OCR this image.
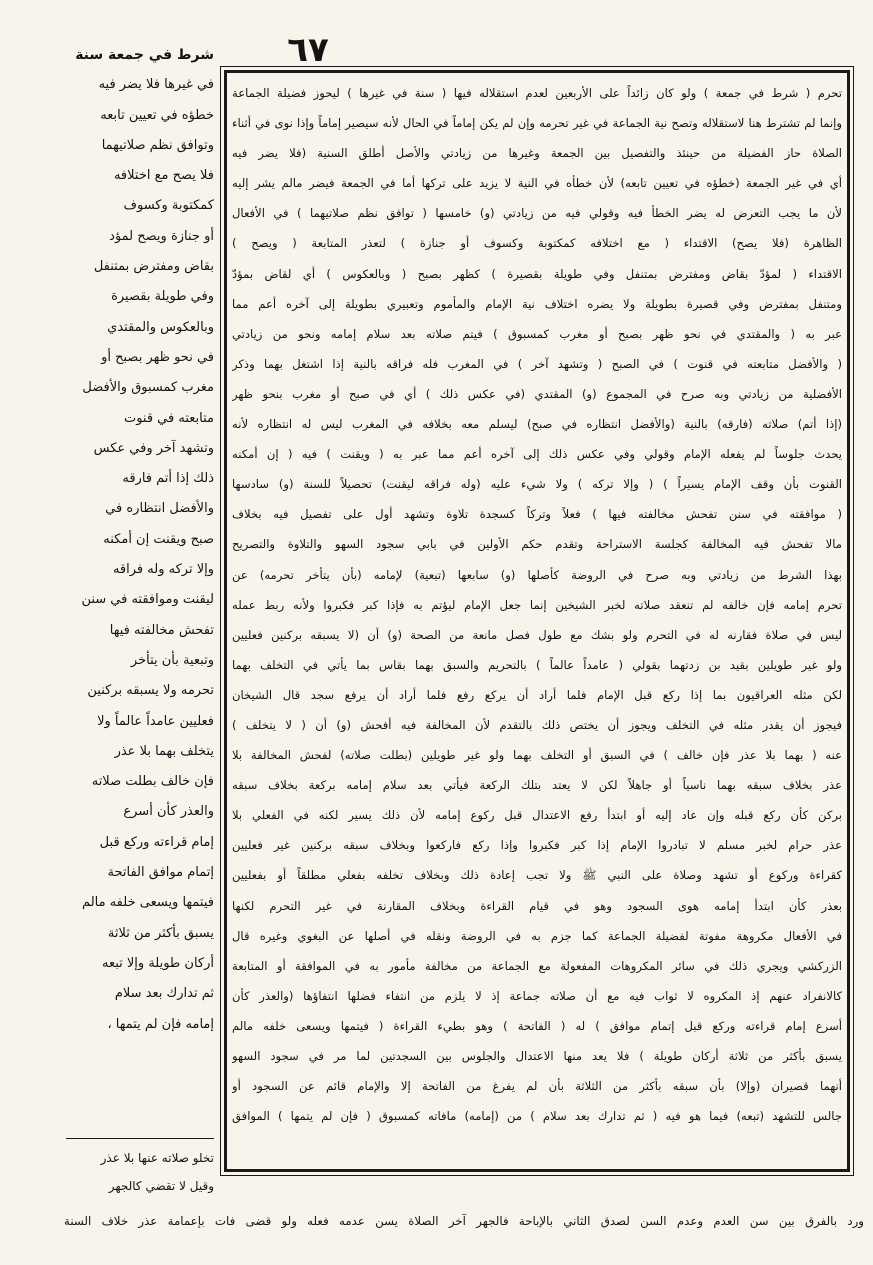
٦٧
تحرم ( شرط في جمعة ) ولو كان زائداً على الأربعين لعدم استقلاله فيها ( سنة في غيرها ) ليحوز فضيلة الجماعة
وإنما لم تشترط هنا لاستقلاله وتصح نية الجماعة في غير تحرمه وإن لم يكن إماماً في الحال لأنه سيصير إماماً وإذا نوى في أثناء
الصلاة حاز الفضيلة من حينئذ والتفصيل بين الجمعة وغيرها من زيادتي والأصل أطلق السنية (فلا يضر فيه
أي في غير الجمعة (خطؤه في تعيين تابعه) لأن خطأه في النية لا يزيد على تركها أما في الجمعة فيضر مالم يشر إليه
لأن ما يجب التعرض له يضر الخطأ فيه وقولي فيه من زيادتي (و) خامسها ( توافق نظم صلاتيهما ) في الأفعال
الظاهرة (فلا يصح) الاقتداء ( مع اختلافه كمكتوبة وكسوف أو جنازة ) لتعذر المتابعة ( ويصح )
الاقتداء ( لمؤدّ بقاض ومفترض بمتنفل وفي طويلة بقصيرة ) كظهر بصبح ( وبالعكوس ) أي لقاض بمؤدّ
ومتنفل بمفترض وفي قصيرة بطويلة ولا يضره اختلاف نية الإمام والمأموم وتعبيري بطويلة إلى آخره أعم مما
عبر به ( والمقتدي في نحو ظهر بصبح أو مغرب كمسبوق ) فيتم صلاته بعد سلام إمامه ونحو من زيادتي
( والأفضل متابعته في قنوت ) في الصبح ( وتشهد آخر ) في المغرب فله فراقه بالنية إذا اشتغل بهما وذكر
الأفضلية من زيادتي وبه صرح في المجموع (و) المقتدي (في عكس ذلك ) أي في صبح أو مغرب بنحو ظهر
(إذا أتم) صلاته (فارقه) بالنية (والأفضل انتظاره في صبح) ليسلم معه بخلافه في المغرب ليس له انتظاره لأنه
يحدث جلوساً لم يفعله الإمام وقولي وفي عكس ذلك إلى آخره أعم مما عبر به ( ويقنت ) فيه ( إن أمكنه
القنوت بأن وقف الإمام يسيراً ) ( وإلا تركه ) ولا شيء عليه (وله فراقه ليقنت) تحصيلاً للسنة (و) سادسها
( موافقته في سنن تفحش مخالفته فيها ) فعلاً وتركاً كسجدة تلاوة وتشهد أول على تفصيل فيه بخلاف
مالا تفحش فيه المخالفة كجلسة الاستراحة وتقدم حكم الأولين في بابي سجود السهو والتلاوة والتصريح
بهذا الشرط من زيادتي وبه صرح في الروضة كأصلها (و) سابعها (تبعية) لإمامه (بأن يتأخر تحرمه) عن
تحرم إمامه فإن خالفه لم تنعقد صلاته لخبر الشيخين إنما جعل الإمام ليؤتم به فإذا كبر فكبروا ولأنه ربط عمله
ليس في صلاة فقارنه له في التحرم ولو بشك مع طول فصل مانعة من الصحة (و) أن (لا يسبقه بركنين فعليين
ولو غير طويلين بقيد بن زدتهما بقولي ( عامداً عالماً ) بالتحريم والسبق بهما بقاس بما يأتي في التخلف بهما
لكن مثله العراقيون بما إذا ركع قبل الإمام فلما أراد أن يركع رفع فلما أراد أن يرفع سجد قال الشيخان
فيجوز أن يقدر مثله في التخلف ويجوز أن يختص ذلك بالتقدم لأن المخالفة فيه أفحش (و) أن ( لا يتخلف )
عنه ( بهما بلا عذر فإن خالف ) في السبق أو التخلف بهما ولو غير طويلين (بطلت صلاته) لفحش المخالفة بلا
عذر بخلاف سبقه بهما ناسياً أو جاهلاً لكن لا يعتد بتلك الركعة فيأتي بعد سلام إمامه بركعة بخلاف سبقه
بركن كأن ركع قبله وإن عاد إليه أو ابتدأ رفع الاعتدال قبل ركوع إمامه لأن ذلك يسير لكنه في الفعلي بلا
عذر حرام لخبر مسلم لا تبادروا الإمام إذا كبر فكبروا وإذا ركع فاركعوا وبخلاف سبقه بركنين غير فعليين
كقراءة وركوع أو تشهد وصلاة على النبي ﷺ ولا تجب إعادة ذلك وبخلاف تخلفه بفعلي مطلقاً أو بفعليين
بعذر كأن ابتدأ إمامه هوى السجود وهو في قيام القراءة وبخلاف المقارنة في غير التحرم لكنها
في الأفعال مكروهة مفوتة لفضيلة الجماعة كما جزم به في الروضة ونقله في أصلها عن البغوي وغيره قال
الزركشي ويجري ذلك في سائر المكروهات المفعولة مع الجماعة من مخالفة مأمور به في الموافقة أو المتابعة
كالانفراد عنهم إذ المكروه لا ثواب فيه مع أن صلاته جماعة إذ لا يلزم من انتفاء فضلها انتفاؤها (والعذر كأن
أسرع إمام قراءته وركع قبل إتمام موافق ) له ( الفاتحة ) وهو بطيء القراءة ( فيتمها ويسعى خلفه مالم
يسبق بأكثر من ثلاثة أركان طويلة ) فلا يعد منها الاعتدال والجلوس بين السجدتين لما مر في سجود السهو
أنهما قصيران (وإلا) بأن سبقه بأكثر من الثلاثة بأن لم يفرغ من الفاتحة إلا والإمام قائم عن السجود أو
جالس للتشهد (تبعه) فيما هو فيه ( ثم تدارك بعد سلام ) من (إمامه) مافاته كمسبوق ( فإن لم يتمها ) الموافق
شرط في جمعة سنة
في غيرها فلا يضر فيه
خطؤه في تعيين تابعه
وتوافق نظم صلاتيهما
فلا يصح مع اختلافه
كمكتوبة وكسوف
أو جنازة ويصح لمؤد
بقاض ومفترض بمتنفل
وفي طويلة بقصيرة
وبالعكوس والمقتدي
في نحو ظهر بصبح أو
مغرب كمسبوق والأفضل
متابعته في قنوت
وتشهد آخر وفي عكس
ذلك إذا أتم فارقه
والأفضل انتظاره في
صبح ويقنت إن أمكنه
وإلا تركه وله فراقه
ليقنت وموافقته في سنن
تفحش مخالفته فيها
وتبعية بأن يتأخر
تحرمه ولا يسبقه بركنين
فعليين عامداً عالماً ولا
يتخلف بهما بلا عذر
فإن خالف بطلت صلاته
والعذر كأن أسرع
إمام قراءته وركع قبل
إتمام موافق الفاتحة
فيتمها ويسعى خلفه مالم
يسبق بأكثر من ثلاثة
أركان طويلة وإلا تبعه
ثم تدارك بعد سلام
إمامه فإن لم يتمها ،
تخلو صلاته عنها بلا عذر
وقيل لا تقضي كالجهر
ورد بالفرق بين سن العدم وعدم السن لصدق الثاني بالإباحة فالجهر آخر الصلاة يسن عدمه فعله ولو قضى فات بإعمامة عذر خلاف السنة
